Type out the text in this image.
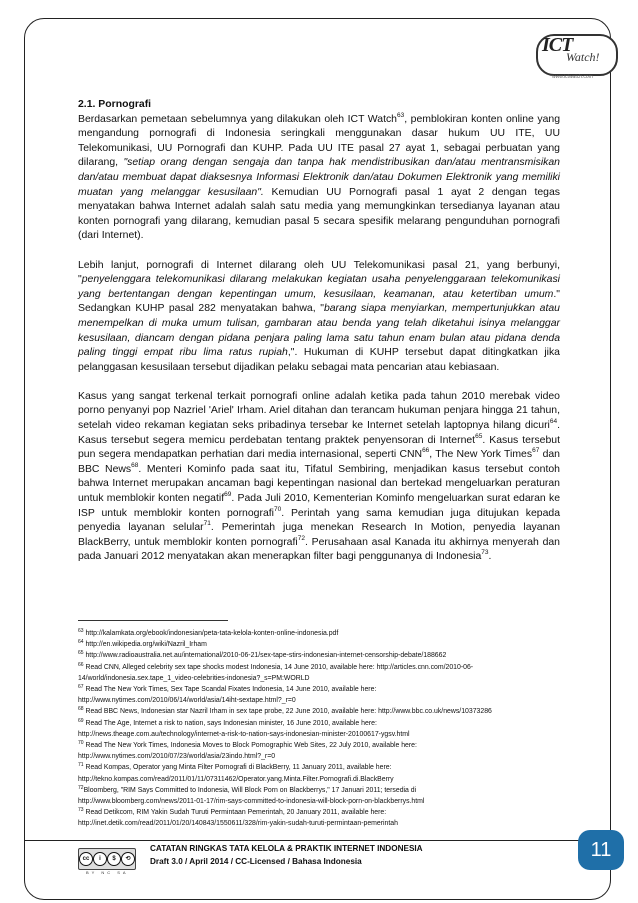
ICT
Watch!
www.ictwatch.com
2.1. Pornografi

Berdasarkan pemetaan sebelumnya yang dilakukan oleh ICT Watch$^{63}$, pemblokiran konten online yang mengandung pornografi di Indonesia seringkali menggunakan dasar hukum UU ITE, UU Telekomunikasi, UU Pornografi dan KUHP. Pada UU ITE pasal 27 ayat 1, sebagai perbuatan yang dilarang, "setiap orang dengan sengaja dan tanpa hak mendistribusikan dan/atau mentransmisikan dan/atau membuat dapat diaksesnya Informasi Elektronik dan/atau Dokumen Elektronik yang memiliki muatan yang melanggar kesusilaan". Kemudian UU Pornografi pasal 1 ayat 2 dengan tegas menyatakan bahwa Internet adalah salah satu media yang memungkinkan tersedianya layanan atau konten pornografi yang dilarang, kemudian pasal 5 secara spesifik melarang pengunduhan pornografi (dari Internet).

Lebih lanjut, pornografi di Internet dilarang oleh UU Telekomunikasi pasal 21, yang berbunyi, "penyelenggara telekomunikasi dilarang melakukan kegiatan usaha penyelenggaraan telekomunikasi yang bertentangan dengan kepentingan umum, kesusilaan, keamanan, atau ketertiban umum." Sedangkan KUHP pasal 282 menyatakan bahwa, "barang siapa menyiarkan, mempertunjukkan atau menempelkan di muka umum tulisan, gambaran atau benda yang telah diketahui isinya melanggar kesusilaan, diancam dengan pidana penjara paling lama satu tahun enam bulan atau pidana denda paling tinggi empat ribu lima ratus rupiah,". Hukuman di KUHP tersebut dapat ditingkatkan jika pelanggasan kesusilaan tersebut dijadikan pelaku sebagai mata pencarian atau kebiasaan.

Kasus yang sangat terkenal terkait pornografi online adalah ketika pada tahun 2010 merebak video porno penyanyi pop Nazriel 'Ariel' Irham. Ariel ditahan dan terancam hukuman penjara hingga 21 tahun, setelah video rekaman kegiatan seks pribadinya tersebar ke Internet setelah laptopnya hilang dicuri$^{64}$. Kasus tersebut segera memicu perdebatan tentang praktek penyensoran di Internet$^{65}$. Kasus tersebut pun segera mendapatkan perhatian dari media internasional, seperti CNN$^{66}$, The New York Times$^{67}$ dan BBC News$^{68}$. Menteri Kominfo pada saat itu, Tifatul Sembiring, menjadikan kasus tersebut contoh bahwa Internet merupakan ancaman bagi kepentingan nasional dan bertekad mengeluarkan peraturan untuk memblokir konten negatif$^{69}$. Pada Juli 2010, Kementerian Kominfo mengeluarkan surat edaran ke ISP untuk memblokir konten pornografi$^{70}$. Perintah yang sama kemudian juga ditujukan kepada penyedia layanan selular$^{71}$. Pemerintah juga menekan Research In Motion, penyedia layanan BlackBerry, untuk memblokir konten pornografi$^{72}$. Perusahaan asal Kanada itu akhirnya menyerah dan pada Januari 2012 menyatakan akan menerapkan filter bagi penggunanya di Indonesia$^{73}$.

$^{63}$ http://kalamkata.org/ebook/indonesian/peta-tata-kelola-konten-online-indonesia.pdf
$^{64}$ http://en.wikipedia.org/wiki/Nazril_Irham
$^{65}$ http://www.radioaustralia.net.au/international/2010-06-21/sex-tape-stirs-indonesian-internet-censorship-debate/188662
$^{66}$ Read CNN, Alleged celebrity sex tape shocks modest Indonesia, 14 June 2010, available here: http://articles.cnn.com/2010-06-
14/world/indonesia.sex.tape_1_video-celebrities-indonesia?_s=PM:WORLD
$^{67}$ Read The New York Times, Sex Tape Scandal Fixates Indonesia, 14 June 2010, available here:
http://www.nytimes.com/2010/06/14/world/asia/14iht-sextape.html?_r=0
$^{68}$ Read BBC News, Indonesian star Nazril Irham in sex tape probe, 22 June 2010, available here: http://www.bbc.co.uk/news/10373286
$^{69}$ Read The Age, Internet a risk to nation, says Indonesian minister, 16 June 2010, available here:
http://news.theage.com.au/technology/internet-a-risk-to-nation-says-indonesian-minister-20100617-ygsv.html
$^{70}$ Read The New York Times, Indonesia Moves to Block Pornographic Web Sites, 22 July 2010, available here:
http://www.nytimes.com/2010/07/23/world/asia/23indo.html?_r=0
$^{71}$ Read Kompas, Operator yang Minta Filter Pornografi di BlackBerry, 11 January 2011, available here:
http://tekno.kompas.com/read/2011/01/11/07311462/Operator.yang.Minta.Filter.Pornografi.di.BlackBerry
$^{72}$Bloomberg, "RIM Says Committed to Indonesia, Will Block Porn on Blackberrys," 17 Januari 2011; tersedia di
http://www.bloomberg.com/news/2011-01-17/rim-says-committed-to-indonesia-will-block-porn-on-blackberrys.html
$^{73}$ Read Detikcom, RIM Yakin Sudah Turuti Permintaan Pemerintah, 20 January 2011, available here:
http://inet.detik.com/read/2011/01/20/140843/1550611/328/rim-yakin-sudah-turuti-permintaan-pemerintah
cc	i	$	⟲
BY NC SA
CATATAN RINGKAS TATA KELOLA & PRAKTIK INTERNET INDONESIA
Draft 3.0 / April 2014 / CC-Licensed / Bahasa Indonesia	11
